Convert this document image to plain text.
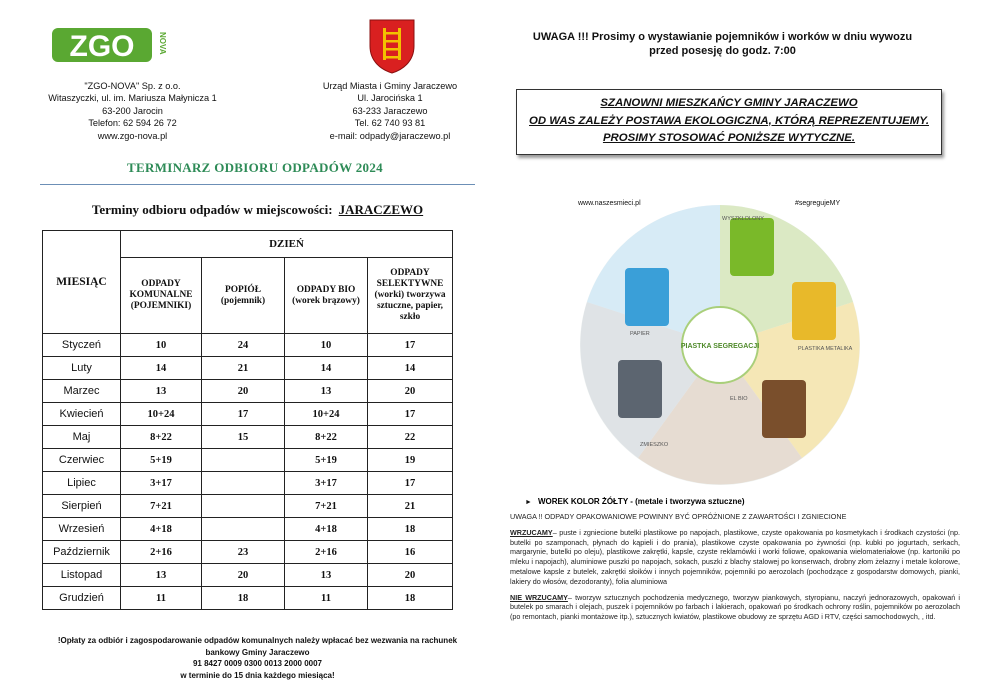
ZGO	NOVA
"ZGO-NOVA" Sp. z o.o.
Witaszyczki, ul. im. Mariusza Małynicza 1
63-200 Jarocin
Telefon: 62 594 26 72
www.zgo-nova.pl
Urząd Miasta i Gminy Jaraczewo
Ul. Jarocińska 1
63-233 Jaraczewo
Tel. 62 740 93 81
e-mail: odpady@jaraczewo.pl
TERMINARZ ODBIORU ODPADÓW 2024
Terminy odbioru odpadów w miejscowości: JARACZEWO
MIESIĄC	DZIEŃ			
	ODPADY KOMUNALNE (POJEMNIKI)	POPIÓŁ (pojemnik)	ODPADY BIO (worek brązowy)	ODPADY SELEKTYWNE (worki) tworzywa sztuczne, papier, szkło
Styczeń	10	24	10	17
Luty	14	21	14	14
Marzec	13	20	13	20
Kwiecień	10+24	17	10+24	17
Maj	8+22	15	8+22	22
Czerwiec	5+19		5+19	19
Lipiec	3+17		3+17	17
Sierpień	7+21		7+21	21
Wrzesień	4+18		4+18	18
Październik	2+16	23	2+16	16
Listopad	13	20	13	20
Grudzień	11	18	11	18
!Opłaty za odbiór i zagospodarowanie odpadów komunalnych należy wpłacać bez wezwania na rachunek
bankowy Gminy Jaraczewo
91 8427 0009 0300 0013 2000 0007
w terminie do 15 dnia każdego miesiąca!
UWAGA !!! Prosimy o wystawianie pojemników i worków w dniu wywozu
przed posesję do godz. 7:00
SZANOWNI MIESZKAŃCY GMINY JARACZEWO
OD WAS ZALEŻY POSTAWA EKOLOGICZNA, KTÓRĄ REPREZENTUJEMY.
PROSIMY STOSOWAĆ PONIŻSZE WYTYCZNE.
PIASTKA SEGREGACJI
WYSZKŁOLONY
PAPIER
PLASTIKA METALIKA
EL BIO
ZMIESZKO
www.naszesmieci.pl	#segregujeMY
► WOREK KOLOR ŻÓŁTY - (metale i tworzywa sztuczne)

UWAGA !! ODPADY OPAKOWANIOWE POWINNY BYĆ OPRÓŻNIONE Z ZAWARTOŚCI I ZGNIECIONE

WRZUCAMY– puste i zgniecione butelki plastikowe po napojach, plastikowe, czyste opakowania po kosmetykach i środkach czystości (np. butelki po szamponach, płynach do kąpieli i do prania), plastikowe czyste opakowania po żywności (np. kubki po jogurtach, serkach, margarynie, butelki po oleju), plastikowe zakrętki, kapsle, czyste reklamówki i worki foliowe, opakowania wielomateriałowe (np. kartoniki po mleku i napojach), aluminiowe puszki po napojach, sokach, puszki z blachy stalowej po konserwach, drobny złom żelazny i metale kolorowe, metalowe kapsle z butelek, zakrętki słoików i innych pojemników, pojemniki po aerozolach (pochodzące z gospodarstw domowych, pianki, lakiery do włosów, dezodoranty), folia aluminiowa

NIE WRZUCAMY– tworzyw sztucznych pochodzenia medycznego, tworzyw piankowych, styropianu, naczyń jednorazowych, opakowań i butelek po smarach i olejach, puszek i pojemników po farbach i lakierach, opakowań po środkach ochrony roślin, pojemników po aerozolach (po remontach, pianki montażowe itp.), sztucznych kwiatów, plastikowe obudowy ze sprzętu AGD i RTV, części samochodowych, , itd.
